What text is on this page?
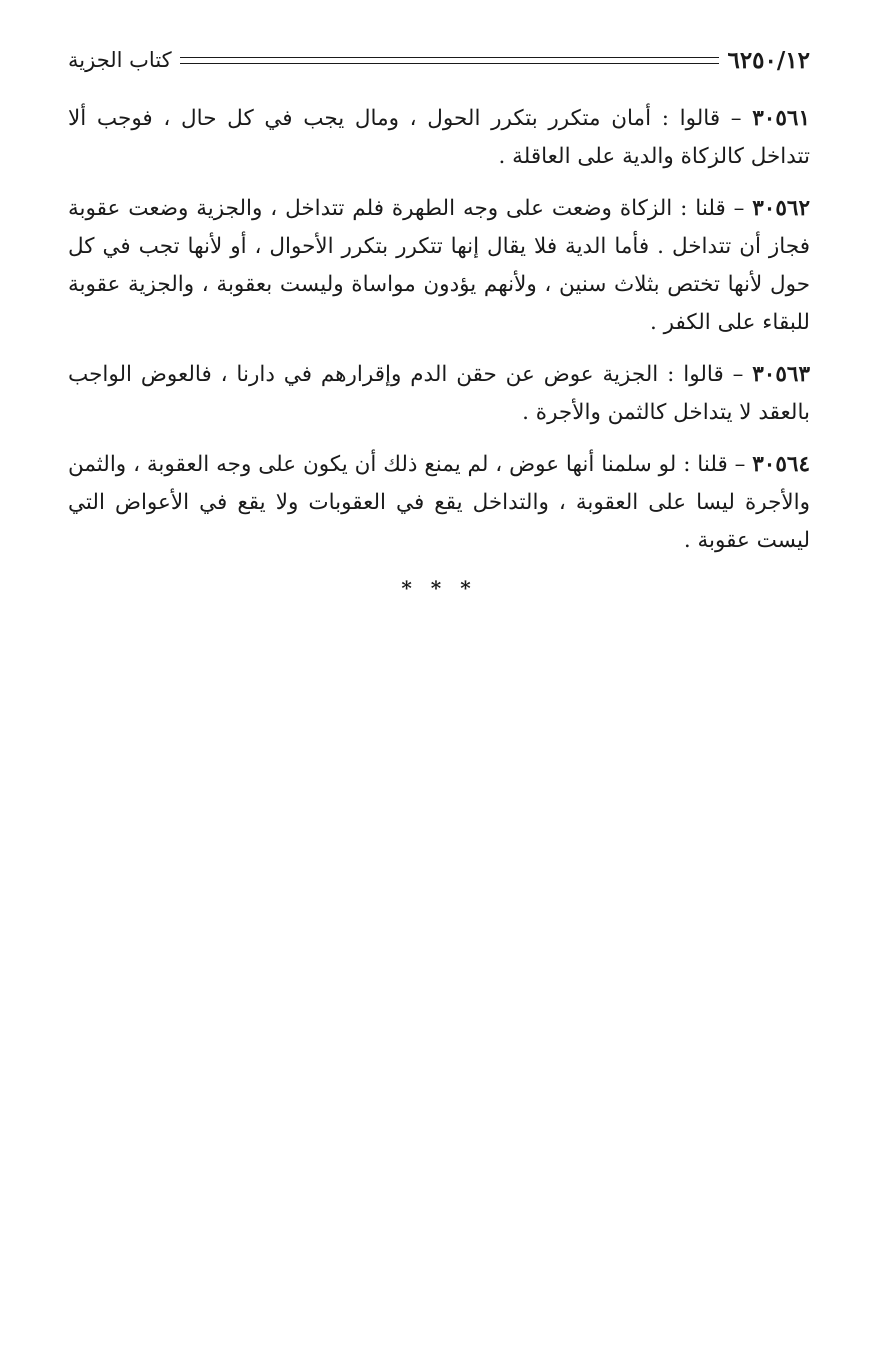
٦٢٥٠/١٢
كتاب الجزية

٣٠٥٦١ – قالوا : أمان متكرر بتكرر الحول ، ومال يجب في كل حال ، فوجب ألا تتداخل كالزكاة والدية على العاقلة .

٣٠٥٦٢ – قلنا : الزكاة وضعت على وجه الطهرة فلم تتداخل ، والجزية وضعت عقوبة فجاز أن تتداخل . فأما الدية فلا يقال إنها تتكرر بتكرر الأحوال ، أو لأنها تجب في كل حول لأنها تختص بثلاث سنين ، ولأنهم يؤدون مواساة وليست بعقوبة ، والجزية عقوبة للبقاء على الكفر .

٣٠٥٦٣ – قالوا : الجزية عوض عن حقن الدم وإقرارهم في دارنا ، فالعوض الواجب بالعقد لا يتداخل كالثمن والأجرة .

٣٠٥٦٤ – قلنا : لو سلمنا أنها عوض ، لم يمنع ذلك أن يكون على وجه العقوبة ، والثمن والأجرة ليسا على العقوبة ، والتداخل يقع في العقوبات ولا يقع في الأعواض التي ليست عقوبة .

* * *
